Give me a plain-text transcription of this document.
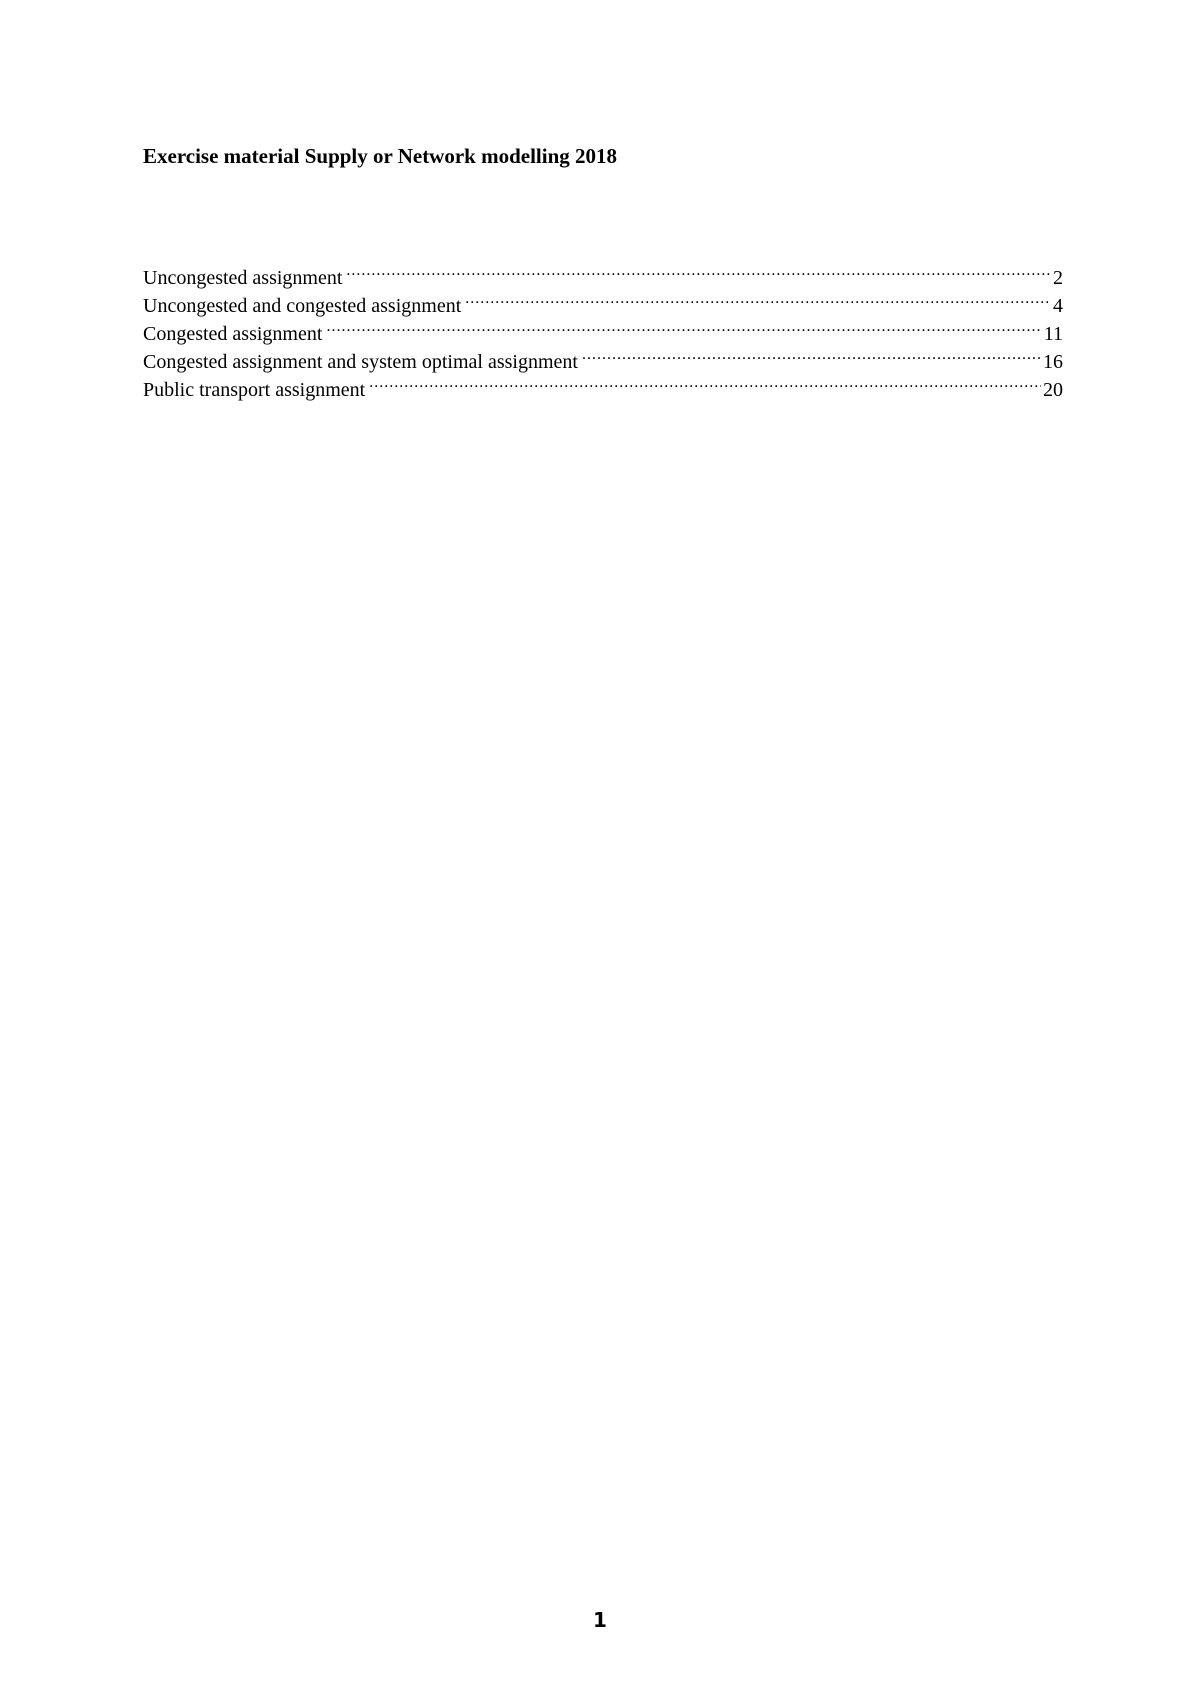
Exercise material Supply or Network modelling 2018
Uncongested assignment .....	2
Uncongested and congested assignment .....	4
Congested assignment .....	11
Congested assignment and system optimal assignment .....	16
Public transport assignment .....	20
1
